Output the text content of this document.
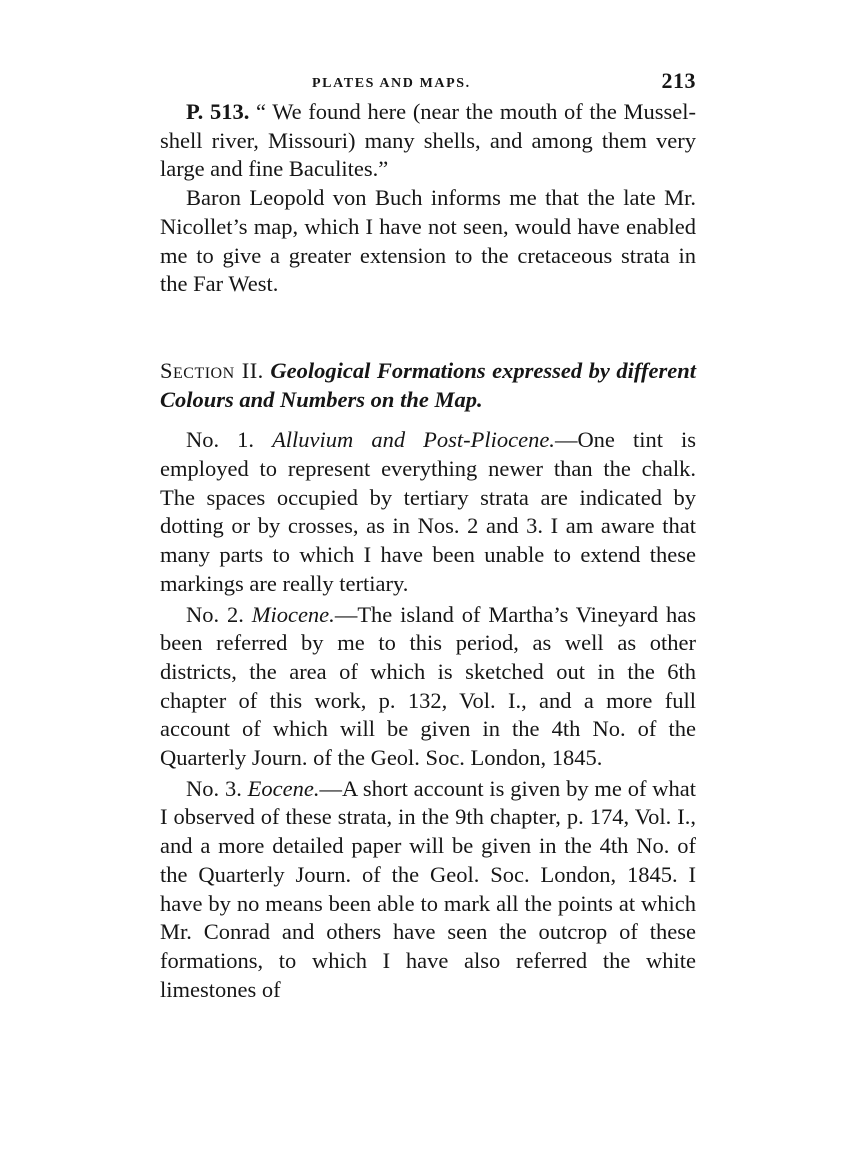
PLATES AND MAPS.	213

P. 513. “ We found here (near the mouth of the Mussel-shell river, Missouri) many shells, and among them very large and fine Baculites.”

Baron Leopold von Buch informs me that the late Mr. Nicollet’s map, which I have not seen, would have enabled me to give a greater extension to the cretaceous strata in the Far West.

Section II. Geological Formations expressed by different Colours and Numbers on the Map.

No. 1. Alluvium and Post-Pliocene.—One tint is employed to represent everything newer than the chalk. The spaces occupied by tertiary strata are indicated by dotting or by crosses, as in Nos. 2 and 3. I am aware that many parts to which I have been unable to extend these markings are really tertiary.

No. 2. Miocene.—The island of Martha’s Vineyard has been referred by me to this period, as well as other districts, the area of which is sketched out in the 6th chapter of this work, p. 132, Vol. I., and a more full account of which will be given in the 4th No. of the Quarterly Journ. of the Geol. Soc. London, 1845.

No. 3. Eocene.—A short account is given by me of what I observed of these strata, in the 9th chapter, p. 174, Vol. I., and a more detailed paper will be given in the 4th No. of the Quarterly Journ. of the Geol. Soc. London, 1845. I have by no means been able to mark all the points at which Mr. Conrad and others have seen the outcrop of these formations, to which I have also referred the white limestones of
